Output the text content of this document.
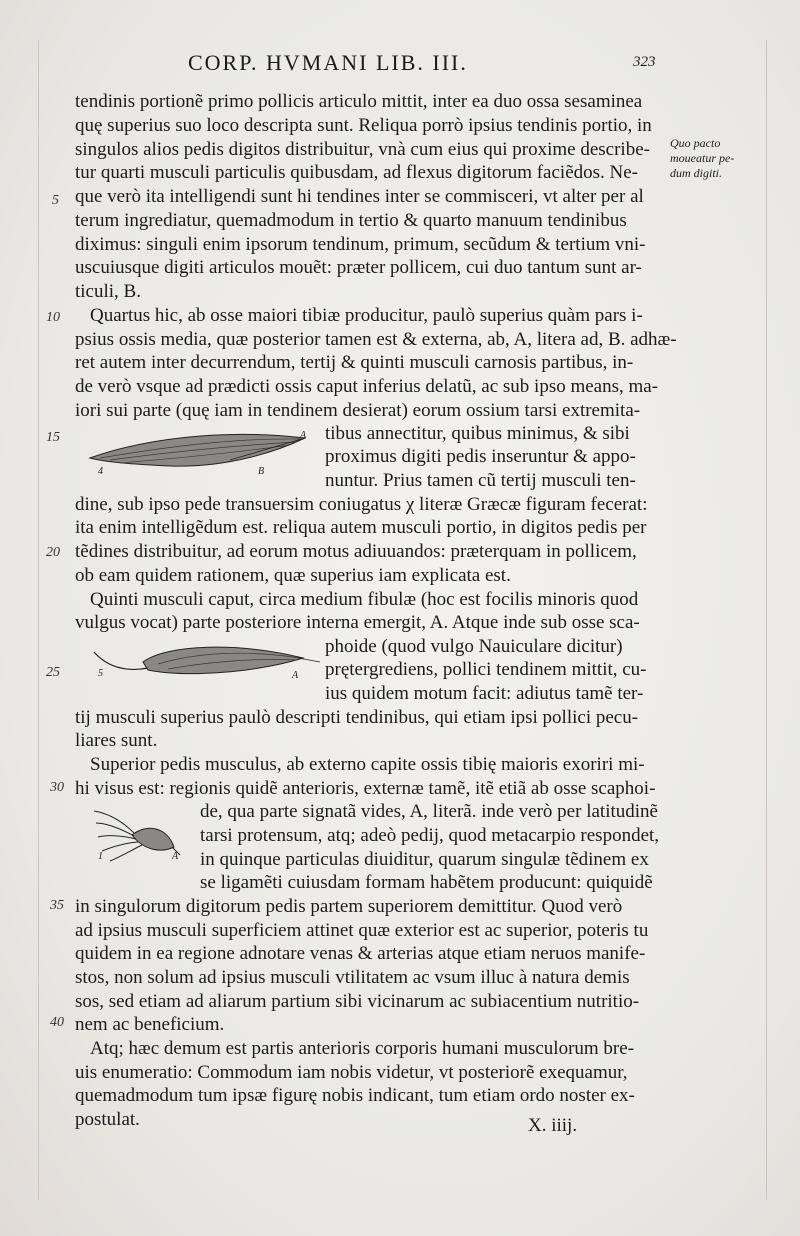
CORP. HVMANI LIB. III.	323
Quo pacto
moueatur pe-
dum digiti.
5
10
15
20
25
30
35
40
tendinis portionẽ primo pollicis articulo mittit, inter ea duo ossa sesaminea
quę superius suo loco descripta sunt. Reliqua porrò ipsius tendinis portio, in
singulos alios pedis digitos distribuitur, vnà cum eius qui proxime describe-
tur quarti musculi particulis quibusdam, ad flexus digitorum faciẽdos. Ne-
que verò ita intelligendi sunt hi tendines inter se commisceri, vt alter per al
terum ingrediatur, quemadmodum in tertio & quarto manuum tendinibus
diximus: singuli enim ipsorum tendinum, primum, secũdum & tertium vni-
uscuiusque digiti articulos mouẽt: præter pollicem, cui duo tantum sunt ar-
ticuli, B.
Quartus hic, ab osse maiori tibiæ producitur, paulò superius quàm pars i-
psius ossis media, quæ posterior tamen est & externa, ab, A, litera ad, B. adhæ-
ret autem inter decurrendum, tertij & quinti musculi carnosis partibus, in-
de verò vsque ad prædicti ossis caput inferius delatũ, ac sub ipso means, ma-
iori sui parte (quę iam in tendinem desierat) eorum ossium tarsi extremita-
tibus annectitur, quibus minimus, & sibi
proximus digiti pedis inseruntur & appo-
nuntur. Prius tamen cũ tertij musculi ten-
dine, sub ipso pede transuersim coniugatus χ literæ Græcæ figuram fecerat:
ita enim intelligẽdum est. reliqua autem musculi portio, in digitos pedis per
tẽdines distribuitur, ad eorum motus adiuuandos: præterquam in pollicem,
ob eam quidem rationem, quæ superius iam explicata est.
Quinti musculi caput, circa medium fibulæ (hoc est focilis minoris quod
vulgus vocat) parte posteriore interna emergit, A. Atque inde sub osse sca-
phoide (quod vulgo Nauiculare dicitur)
prętergrediens, pollici tendinem mittit, cu-
ius quidem motum facit: adiutus tamẽ ter-
tij musculi superius paulò descripti tendinibus, qui etiam ipsi pollici pecu-
liares sunt.
Superior pedis musculus, ab externo capite ossis tibię maioris exoriri mi-
hi visus est: regionis quidẽ anterioris, externæ tamẽ, itẽ etiã ab osse scaphoi-
de, qua parte signatã vides, A, literã. inde verò per latitudinẽ
tarsi protensum, atq; adeò pedij, quod metacarpio respondet,
in quinque particulas diuiditur, quarum singulæ tẽdinem ex
se ligamẽti cuiusdam formam habẽtem producunt: quiquidẽ
in singulorum digitorum pedis partem superiorem demittitur. Quod verò
ad ipsius musculi superficiem attinet quæ exterior est ac superior, poteris tu
quidem in ea regione adnotare venas & arterias atque etiam neruos manife-
stos, non solum ad ipsius musculi vtilitatem ac vsum illuc à natura demis
sos, sed etiam ad aliarum partium sibi vicinarum ac subiacentium nutritio-
nem ac beneficium.
Atq; hæc demum est partis anterioris corporis humani musculorum bre-
uis enumeratio: Commodum iam nobis videtur, vt posteriorẽ exequamur,
quemadmodum tum ipsæ figurę nobis indicant, tum etiam ordo noster ex-
postulat.
A
B
4
A
5
A
1
X. iiij.
